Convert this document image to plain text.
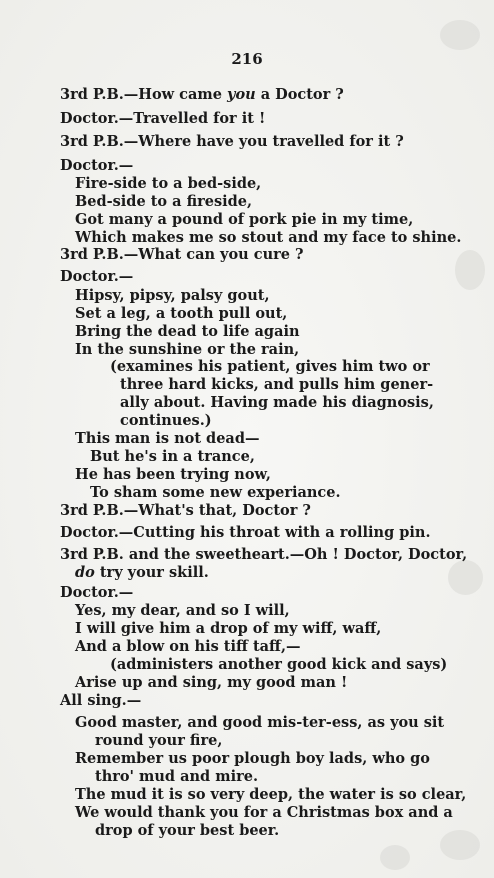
216
3rd P.B.—How came you a Doctor ?
Doctor.—Travelled for it !
3rd P.B.—Where have you travelled for it ?
Doctor.—
Fire-side to a bed-side,
Bed-side to a fireside,
Got many a pound of pork pie in my time,
Which makes me so stout and my face to shine.
3rd P.B.—What can you cure ?
Doctor.—
Hipsy, pipsy, palsy gout,
Set a leg, a tooth pull out,
Bring the dead to life again
In the sunshine or the rain,
(examines his patient, gives him two or
three hard kicks, and pulls him gener-
ally about. Having made his diagnosis,
continues.)
This man is not dead—
But he's in a trance,
He has been trying now,
To sham some new experiance.
3rd P.B.—What's that, Doctor ?
Doctor.—Cutting his throat with a rolling pin.
3rd P.B. and the sweetheart.—Oh ! Doctor, Doctor,
do try your skill.
Doctor.—
Yes, my dear, and so I will,
I will give him a drop of my wiff, waff,
And a blow on his tiff taff,—
(administers another good kick and says)
Arise up and sing, my good man !
All sing.—
Good master, and good mis-ter-ess, as you sit
round your fire,
Remember us poor plough boy lads, who go
thro' mud and mire.
The mud it is so very deep, the water is so clear,
We would thank you for a Christmas box and a
drop of your best beer.
